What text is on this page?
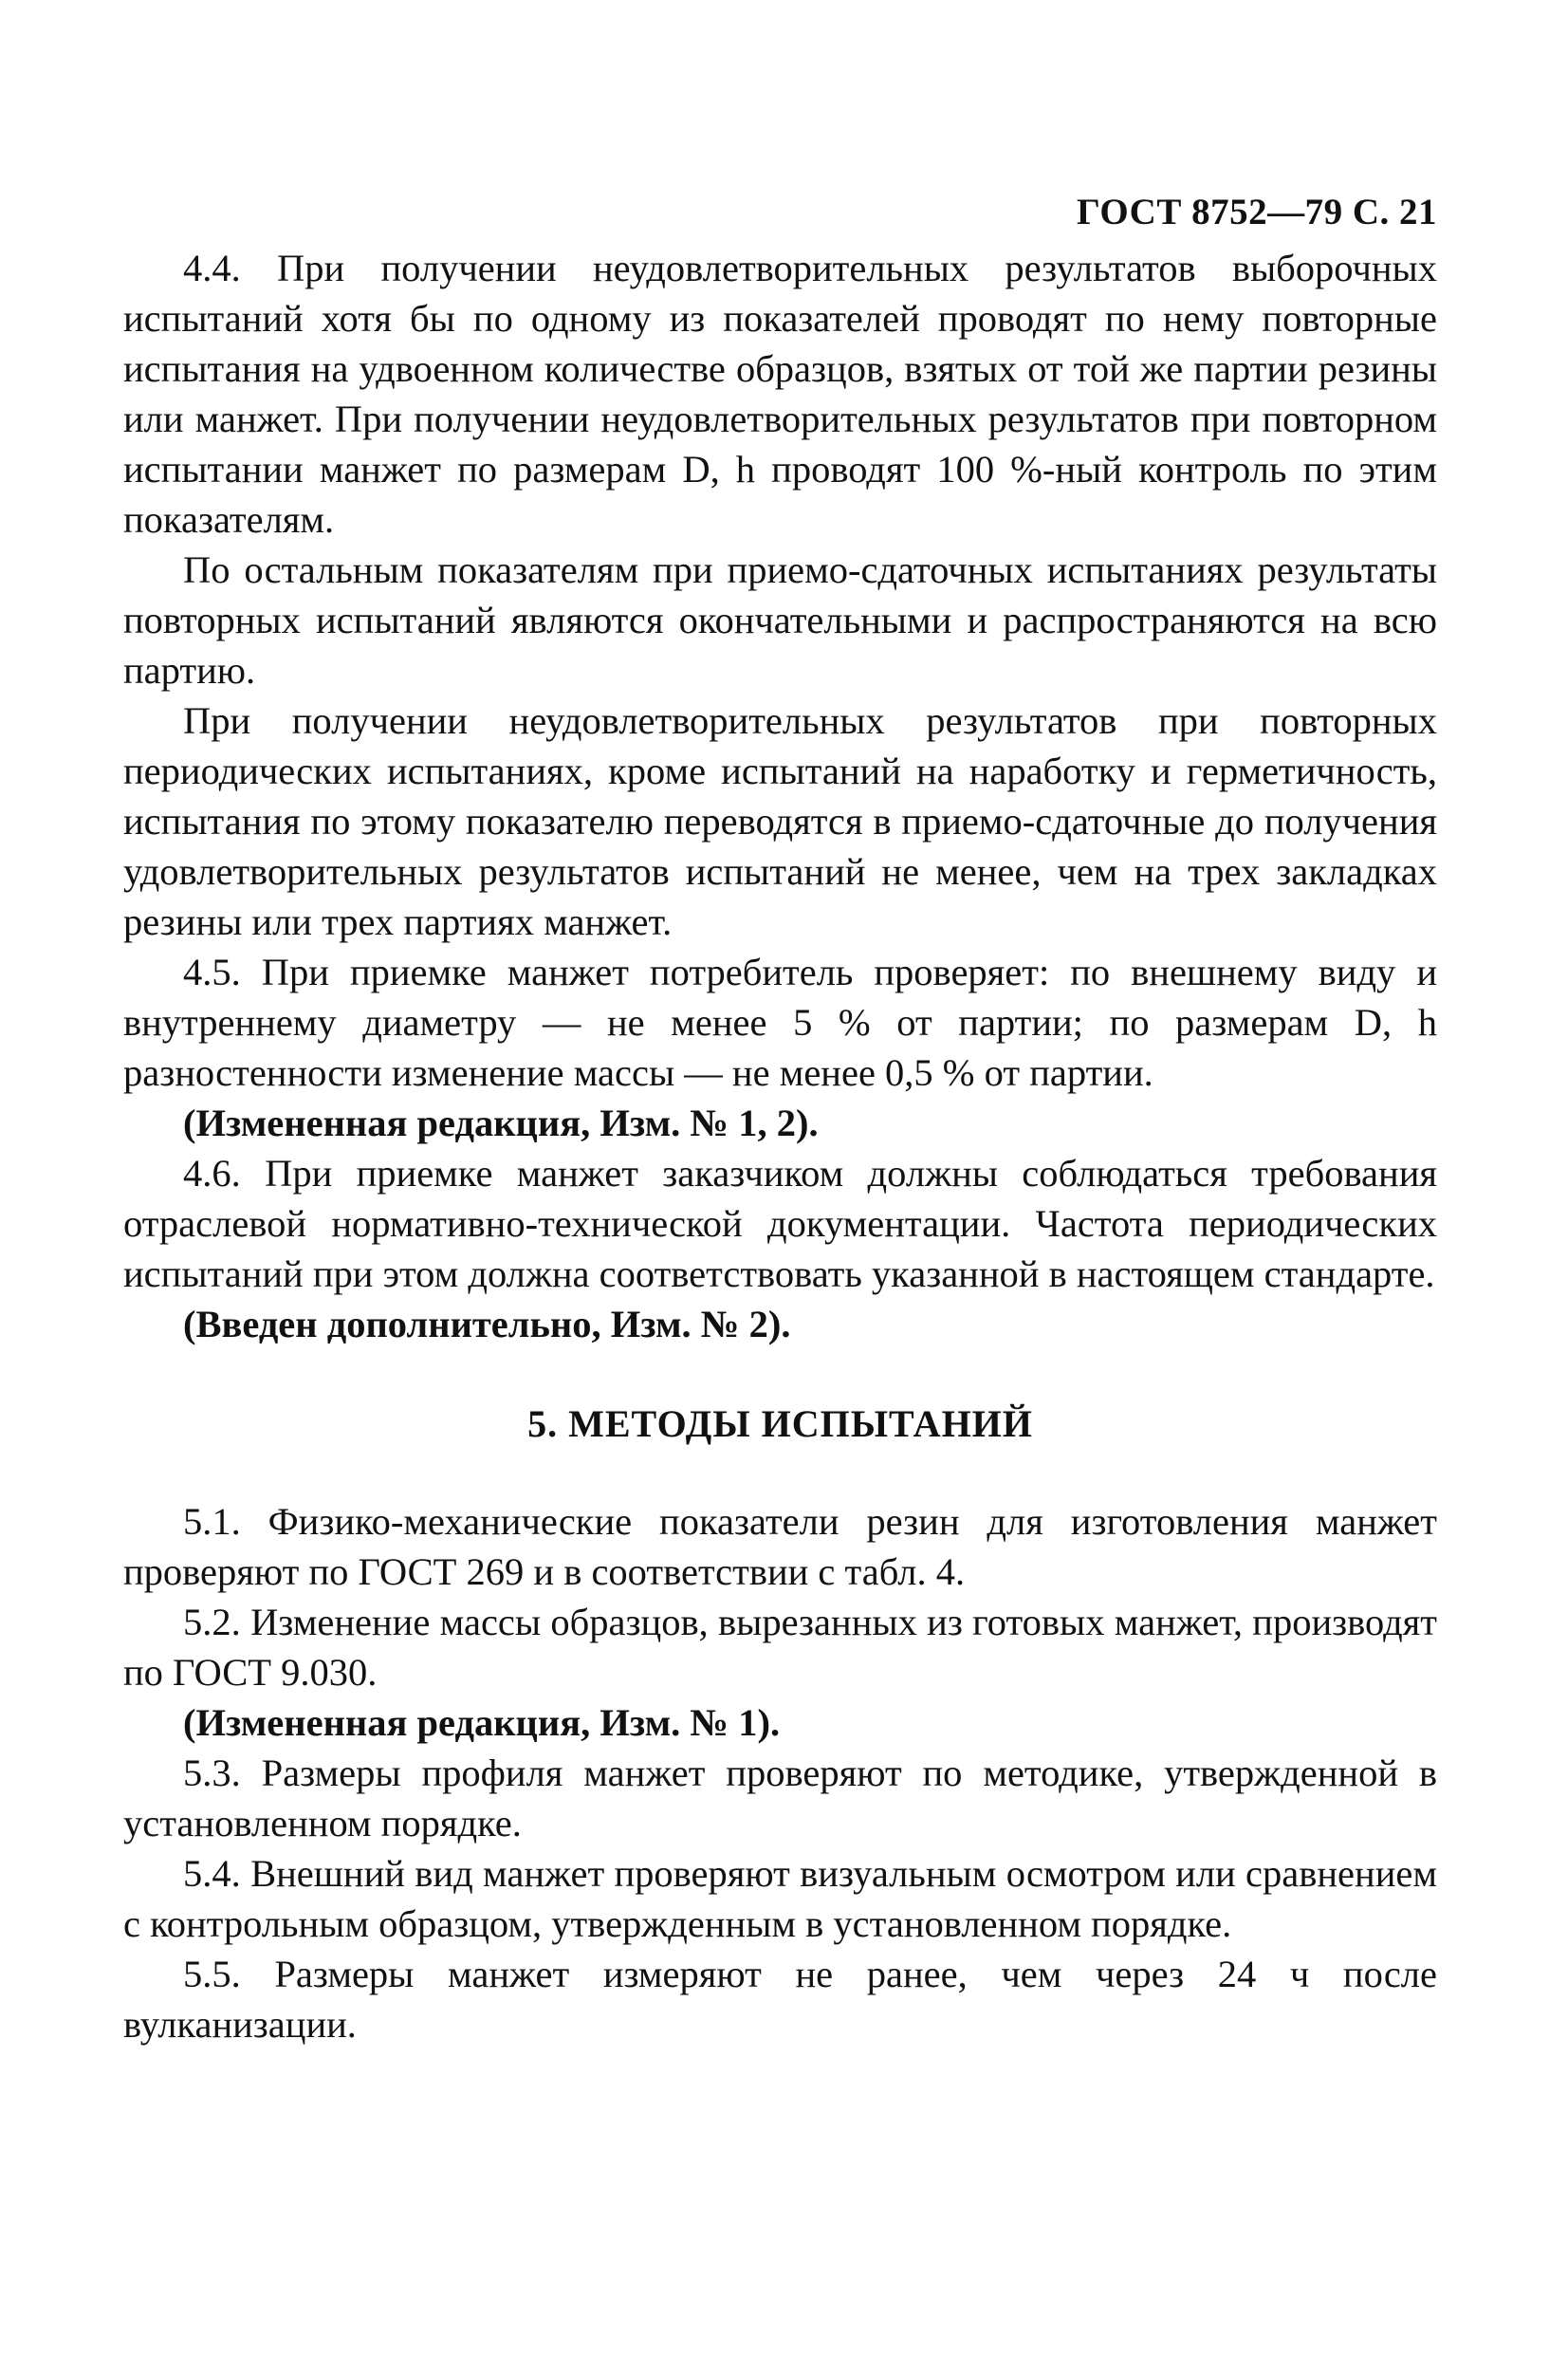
ГОСТ 8752—79 С. 21

4.4. При получении неудовлетворительных результатов выборочных испытаний хотя бы по одному из показателей проводят по нему повторные испытания на удвоенном количестве образцов, взятых от той же партии резины или манжет. При получении неудовлетворительных результатов при повторном испытании манжет по размерам D, h проводят 100 %-ный контроль по этим показателям.

По остальным показателям при приемо-сдаточных испытаниях результаты повторных испытаний являются окончательными и распространяются на всю партию.

При получении неудовлетворительных результатов при повторных периодических испытаниях, кроме испытаний на наработку и герметичность, испытания по этому показателю переводятся в приемо-сдаточные до получения удовлетворительных результатов испытаний не менее, чем на трех закладках резины или трех партиях манжет.

4.5. При приемке манжет потребитель проверяет: по внешнему виду и внутреннему диаметру — не менее 5 % от партии; по размерам D, h разностенности изменение массы — не менее 0,5 % от партии.

(Измененная редакция, Изм. № 1, 2).

4.6. При приемке манжет заказчиком должны соблюдаться требования отраслевой нормативно-технической документации. Частота периодических испытаний при этом должна соответствовать указанной в настоящем стандарте.

(Введен дополнительно, Изм. № 2).

5. МЕТОДЫ ИСПЫТАНИЙ

5.1. Физико-механические показатели резин для изготовления манжет проверяют по ГОСТ 269 и в соответствии с табл. 4.

5.2. Изменение массы образцов, вырезанных из готовых манжет, производят по ГОСТ 9.030.

(Измененная редакция, Изм. № 1).

5.3. Размеры профиля манжет проверяют по методике, утвержденной в установленном порядке.

5.4. Внешний вид манжет проверяют визуальным осмотром или сравнением с контрольным образцом, утвержденным в установленном порядке.

5.5. Размеры манжет измеряют не ранее, чем через 24 ч после вулканизации.
